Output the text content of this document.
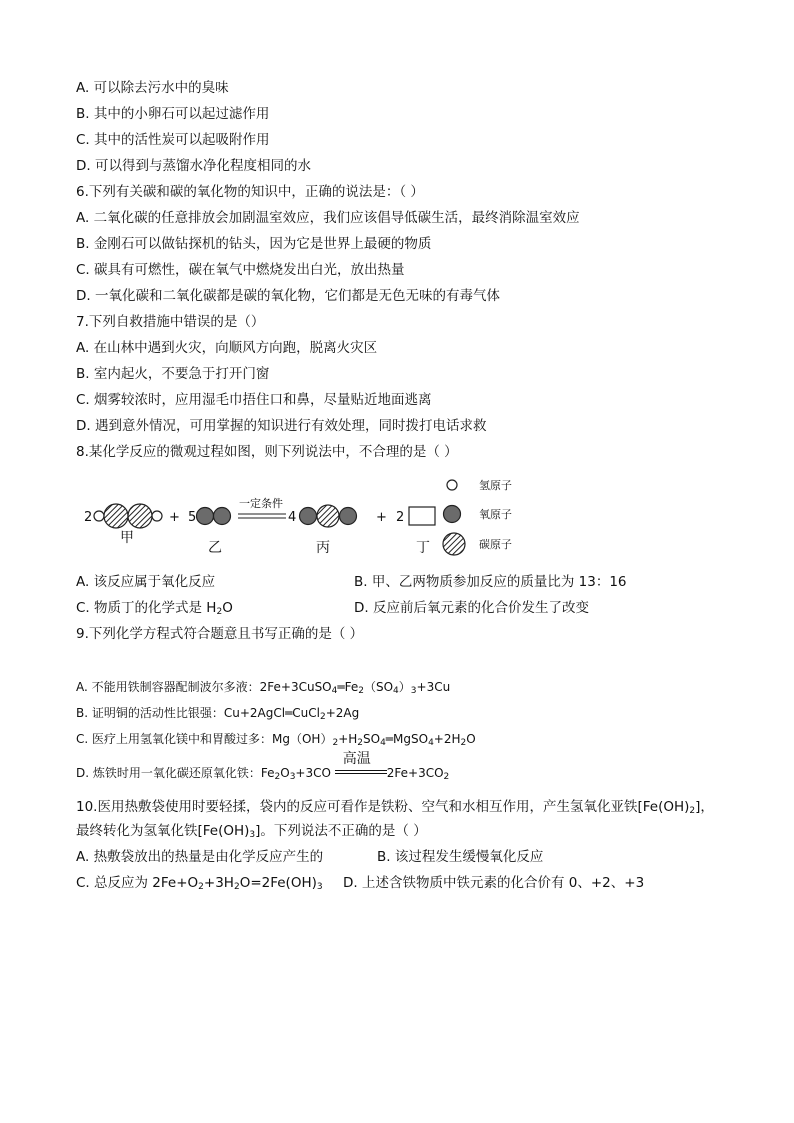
A. 可以除去污水中的臭味
B. 其中的小卵石可以起过滤作用
C. 其中的活性炭可以起吸附作用
D. 可以得到与蒸馏水净化程度相同的水
6.下列有关碳和碳的氧化物的知识中，正确的说法是：（ ）
A. 二氧化碳的任意排放会加剧温室效应，我们应该倡导低碳生活，最终消除温室效应
B. 金刚石可以做钻探机的钻头，因为它是世界上最硬的物质
C. 碳具有可燃性，碳在氧气中燃烧发出白光，放出热量
D. 一氧化碳和二氧化碳都是碳的氧化物，它们都是无色无味的有毒气体
7.下列自救措施中错误的是（）
A. 在山林中遇到火灾，向顺风方向跑，脱离火灾区
B. 室内起火，不要急于打开门窗
C. 烟雾较浓时，应用湿毛巾捂住口和鼻，尽量贴近地面逃离
D. 遇到意外情况，可用掌握的知识进行有效处理，同时拨打电话求救
8.某化学反应的微观过程如图，则下列说法中，不合理的是（ ）
2
甲
+ 5
乙
一定条件
4
丙
+ 2
丁
氢原子
氧原子
碳原子
A. 该反应属于氧化反应	B. 甲、乙两物质参加反应的质量比为 13：16
C. 物质丁的化学式是 $H_2O$	D. 反应前后氧元素的化合价发生了改变
9.下列化学方程式符合题意且书写正确的是（ ）
A. 不能用铁制容器配制波尔多液：$2Fe+3CuSO_4═Fe_2(SO_4)_3+3Cu$
B. 证明铜的活动性比银强：Cu+2AgCl═CuCl$_2$+2Ag
C. 医疗上用氢氧化镁中和胃酸过多：$Mg(OH)_2+H_2SO_4═MgSO_4+2H_2O$
D. 炼铁时用一氧化碳还原氧化铁：$Fe_2O_3+3CO$
高温
$2Fe+3CO_2$
10.医用热敷袋使用时要轻揉，袋内的反应可看作是铁粉、空气和水相互作用，产生氢氧化亚铁$[Fe(OH)_2]$，
最终转化为氢氧化铁$[Fe(OH)_3]$。下列说法不正确的是（ ）
A. 热敷袋放出的热量是由化学反应产生的	B. 该过程发生缓慢氧化反应
C. 总反应为 $2Fe+O_2+3H_2O=2Fe(OH)_3$ D. 上述含铁物质中铁元素的化合价有 0、+2、+3
